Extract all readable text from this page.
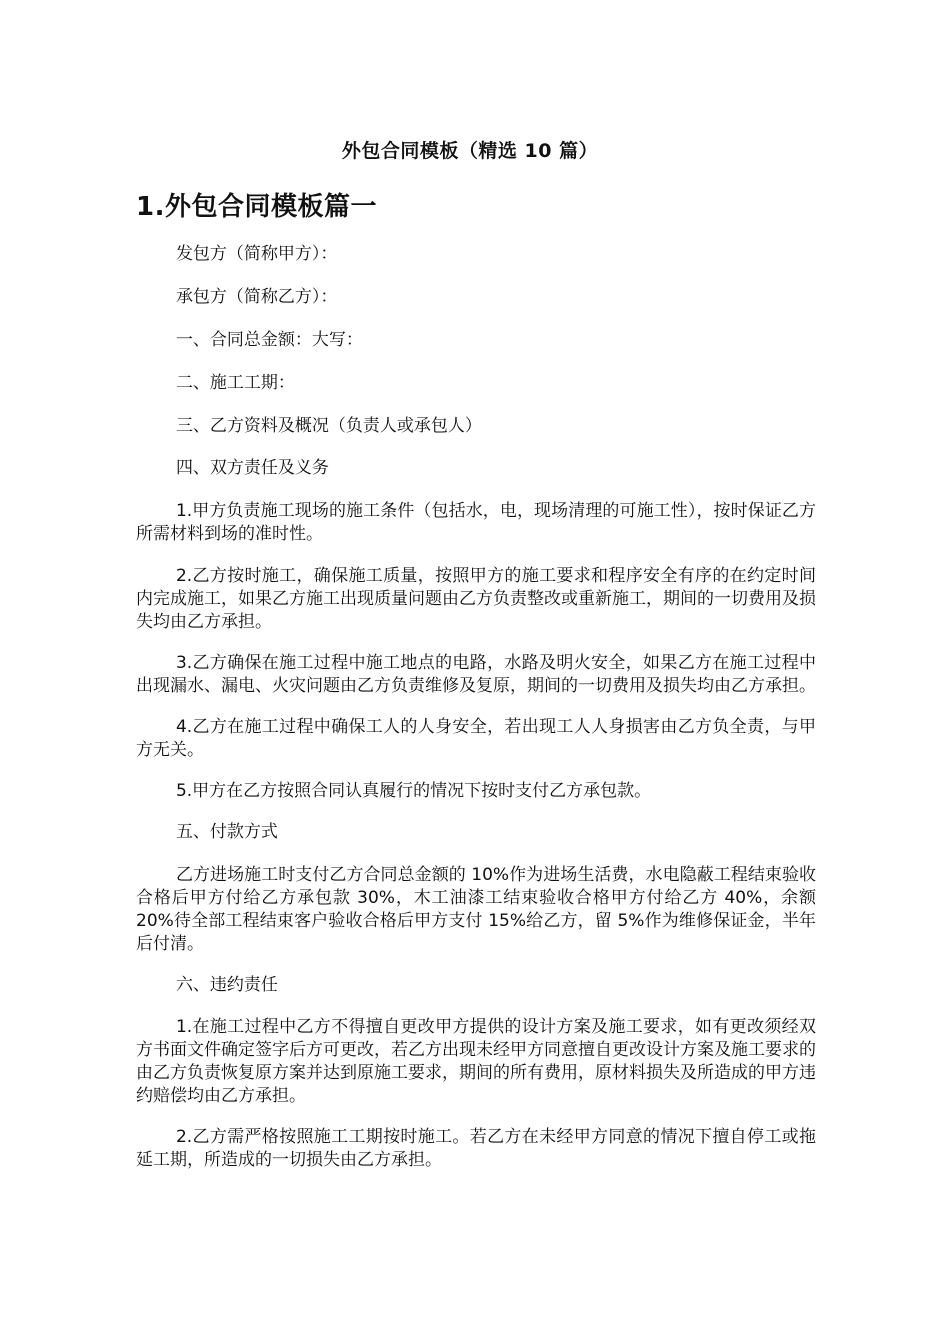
外包合同模板（精选 10 篇）
1.外包合同模板篇一

发包方（简称甲方）：

承包方（简称乙方）：

一、合同总金额：大写：

二、施工工期：

三、乙方资料及概况（负责人或承包人）

四、双方责任及义务

1.甲方负责施工现场的施工条件（包括水，电，现场清理的可施工性），按时保证乙方所需材料到场的准时性。

2.乙方按时施工，确保施工质量，按照甲方的施工要求和程序安全有序的在约定时间内完成施工，如果乙方施工出现质量问题由乙方负责整改或重新施工，期间的一切费用及损失均由乙方承担。

3.乙方确保在施工过程中施工地点的电路，水路及明火安全，如果乙方在施工过程中出现漏水、漏电、火灾问题由乙方负责维修及复原，期间的一切费用及损失均由乙方承担。

4.乙方在施工过程中确保工人的人身安全，若出现工人人身损害由乙方负全责，与甲方无关。

5.甲方在乙方按照合同认真履行的情况下按时支付乙方承包款。

五、付款方式

乙方进场施工时支付乙方合同总金额的 10%作为进场生活费，水电隐蔽工程结束验收合格后甲方付给乙方承包款 30%，木工油漆工结束验收合格甲方付给乙方 40%，余额 20%待全部工程结束客户验收合格后甲方支付 15%给乙方，留 5%作为维修保证金，半年后付清。

六、违约责任

1.在施工过程中乙方不得擅自更改甲方提供的设计方案及施工要求，如有更改须经双方书面文件确定签字后方可更改，若乙方出现未经甲方同意擅自更改设计方案及施工要求的由乙方负责恢复原方案并达到原施工要求，期间的所有费用，原材料损失及所造成的甲方违约赔偿均由乙方承担。

2.乙方需严格按照施工工期按时施工。若乙方在未经甲方同意的情况下擅自停工或拖延工期，所造成的一切损失由乙方承担。
